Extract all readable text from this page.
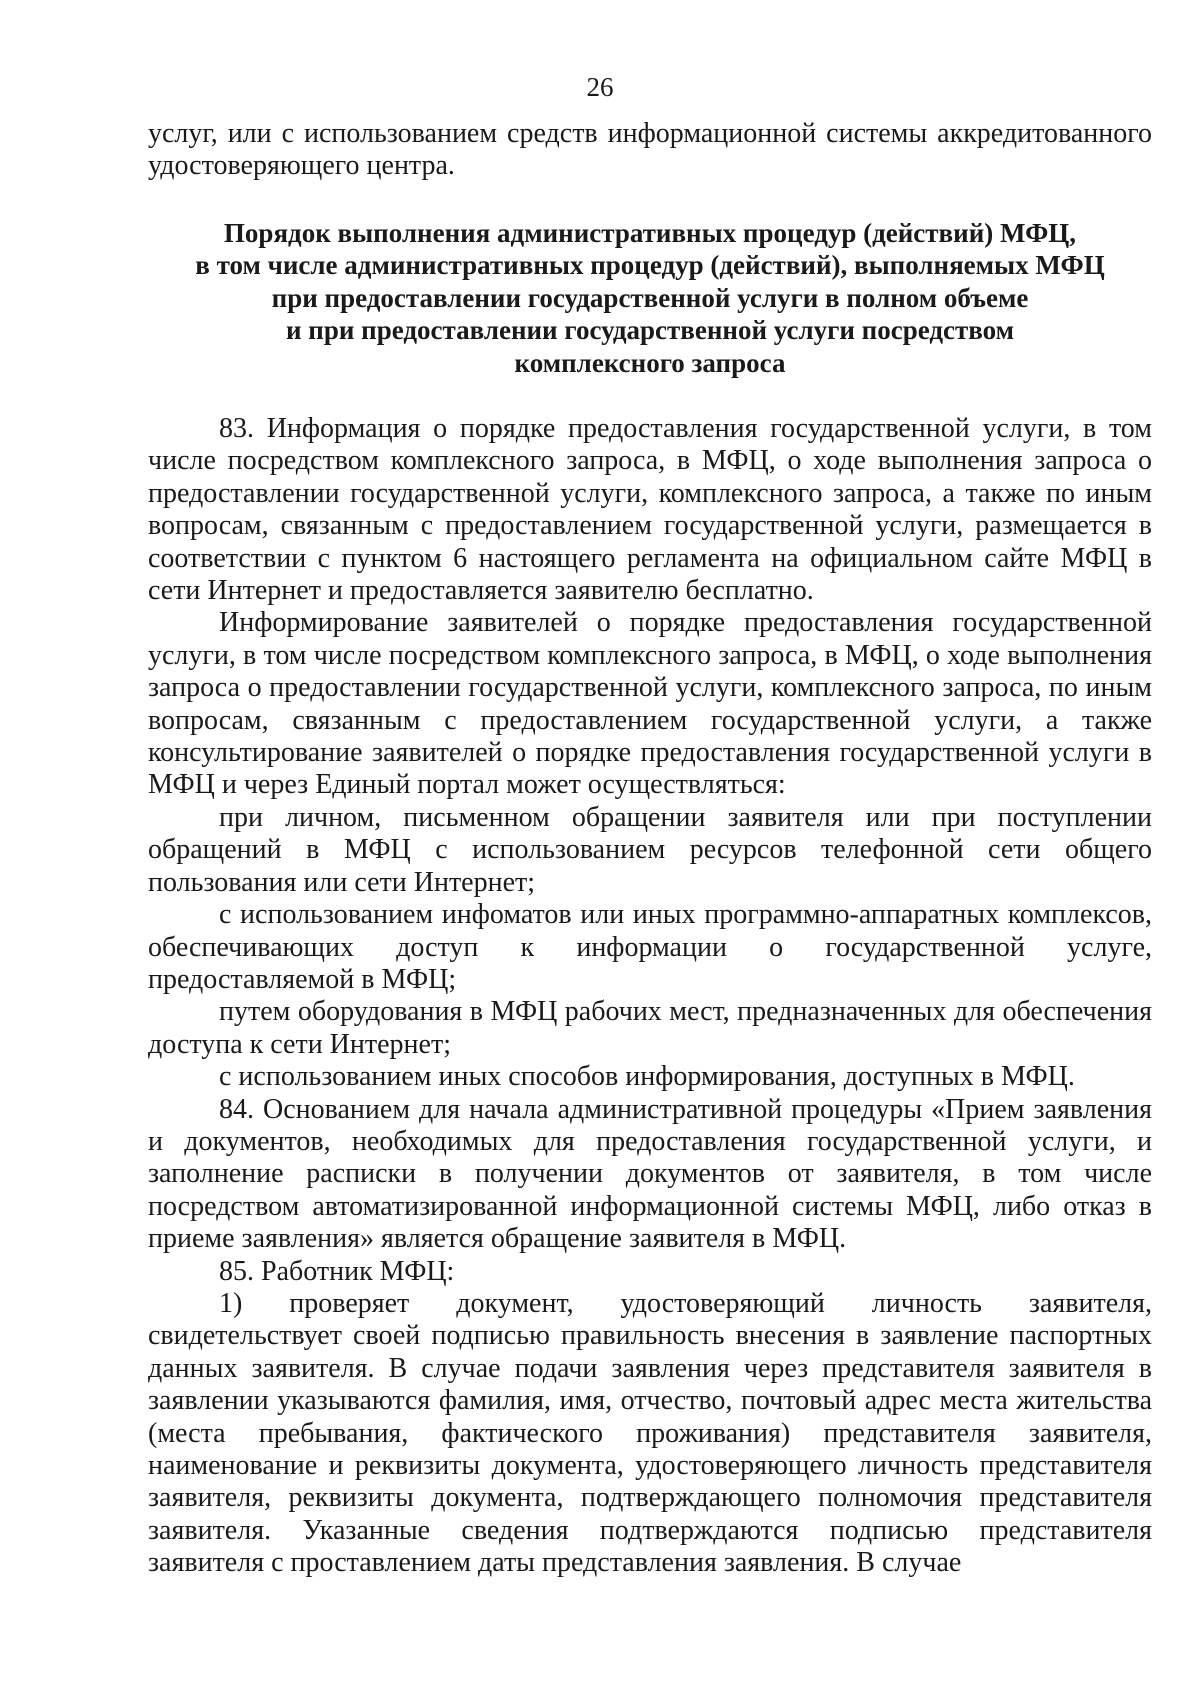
26

услуг, или с использованием средств информационной системы аккредитованного удостоверяющего центра.

Порядок выполнения административных процедур (действий) МФЦ,
в том числе административных процедур (действий), выполняемых МФЦ
при предоставлении государственной услуги в полном объеме
и при предоставлении государственной услуги посредством
комплексного запроса

83. Информация о порядке предоставления государственной услуги, в том числе посредством комплексного запроса, в МФЦ, о ходе выполнения запроса о предоставлении государственной услуги, комплексного запроса, а также по иным вопросам, связанным с предоставлением государственной услуги, размещается в соответствии с пунктом 6 настоящего регламента на официальном сайте МФЦ в сети Интернет и предоставляется заявителю бесплатно.

Информирование заявителей о порядке предоставления государственной услуги, в том числе посредством комплексного запроса, в МФЦ, о ходе выполнения запроса о предоставлении государственной услуги, комплексного запроса, по иным вопросам, связанным с предоставлением государственной услуги, а также консультирование заявителей о порядке предоставления государственной услуги в МФЦ и через Единый портал может осуществляться:

при личном, письменном обращении заявителя или при поступлении обращений в МФЦ с использованием ресурсов телефонной сети общего пользования или сети Интернет;

с использованием инфоматов или иных программно-аппаратных комплексов, обеспечивающих доступ к информации о государственной услуге, предоставляемой в МФЦ;

путем оборудования в МФЦ рабочих мест, предназначенных для обеспечения доступа к сети Интернет;

с использованием иных способов информирования, доступных в МФЦ.

84. Основанием для начала административной процедуры «Прием заявления и документов, необходимых для предоставления государственной услуги, и заполнение расписки в получении документов от заявителя, в том числе посредством автоматизированной информационной системы МФЦ, либо отказ в приеме заявления» является обращение заявителя в МФЦ.

85. Работник МФЦ:

1) проверяет документ, удостоверяющий личность заявителя, свидетельствует своей подписью правильность внесения в заявление паспортных данных заявителя. В случае подачи заявления через представителя заявителя в заявлении указываются фамилия, имя, отчество, почтовый адрес места жительства (места пребывания, фактического проживания) представителя заявителя, наименование и реквизиты документа, удостоверяющего личность представителя заявителя, реквизиты документа, подтверждающего полномочия представителя заявителя. Указанные сведения подтверждаются подписью представителя заявителя с проставлением даты представления заявления. В случае
